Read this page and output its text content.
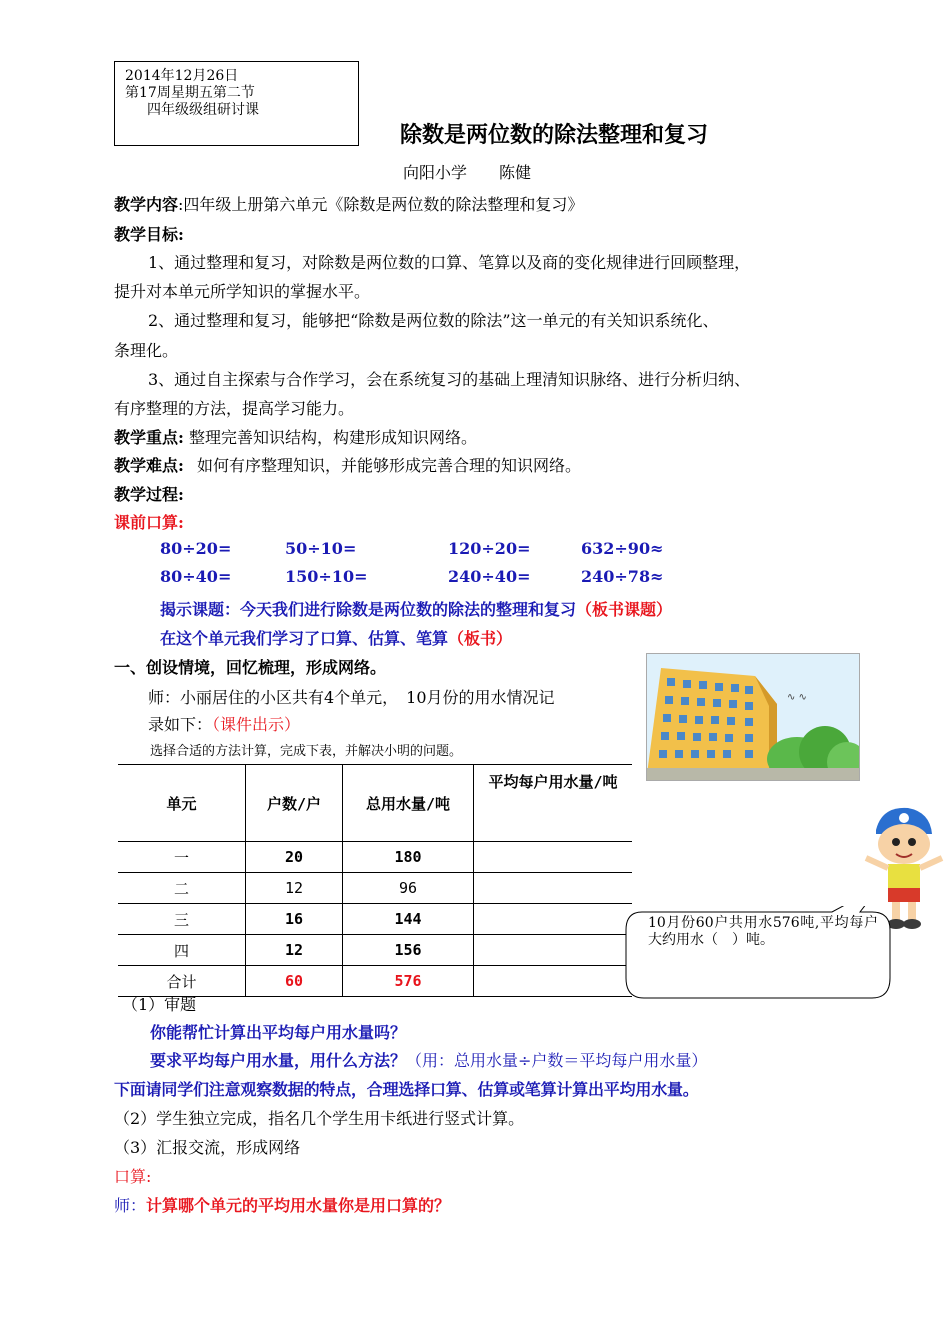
2014年12月26日
第17周星期五第二节
四年级级组研讨课
除数是两位数的除法整理和复习
向阳小学　　陈健
教学内容:四年级上册第六单元《除数是两位数的除法整理和复习》
教学目标:
1、通过整理和复习，对除数是两位数的口算、笔算以及商的变化规律进行回顾整理，
提升对本单元所学知识的掌握水平。
2、通过整理和复习，能够把“除数是两位数的除法”这一单元的有关知识系统化、
条理化。
3、通过自主探索与合作学习，会在系统复习的基础上理清知识脉络、进行分析归纳、
有序整理的方法，提高学习能力。
教学重点: 整理完善知识结构，构建形成知识网络。
教学难点: 如何有序整理知识，并能够形成完善合理的知识网络。
教学过程:
课前口算:
80÷20=	50÷10=	120÷20=	632÷90≈
80÷40=	150÷10=	240÷40=	240÷78≈
揭示课题：今天我们进行除数是两位数的除法的整理和复习（板书课题）
在这个单元我们学习了口算、估算、笔算（板书）
一、创设情境，回忆梳理，形成网络。
师：小丽居住的小区共有4个单元，　10月份的用水情况记
录如下：（课件出示）
选择合适的方法计算，完成下表，并解决小明的问题。
∿ ∿
单元	户数/户	总用水量/吨	平均每户用水量/吨
一	20	180	
二	12	96	
三	16	144	
四	12	156	
合计	60	576	
10月份60户共用水576吨,平均每户大约用水（　）吨。
（1）审题
你能帮忙计算出平均每户用水量吗？
要求平均每户用水量，用什么方法？（用：总用水量÷户数＝平均每户用水量）
下面请同学们注意观察数据的特点，合理选择口算、估算或笔算计算出平均用水量。
（2）学生独立完成，指名几个学生用卡纸进行竖式计算。
（3）汇报交流，形成网络
口算:
师：计算哪个单元的平均用水量你是用口算的？
